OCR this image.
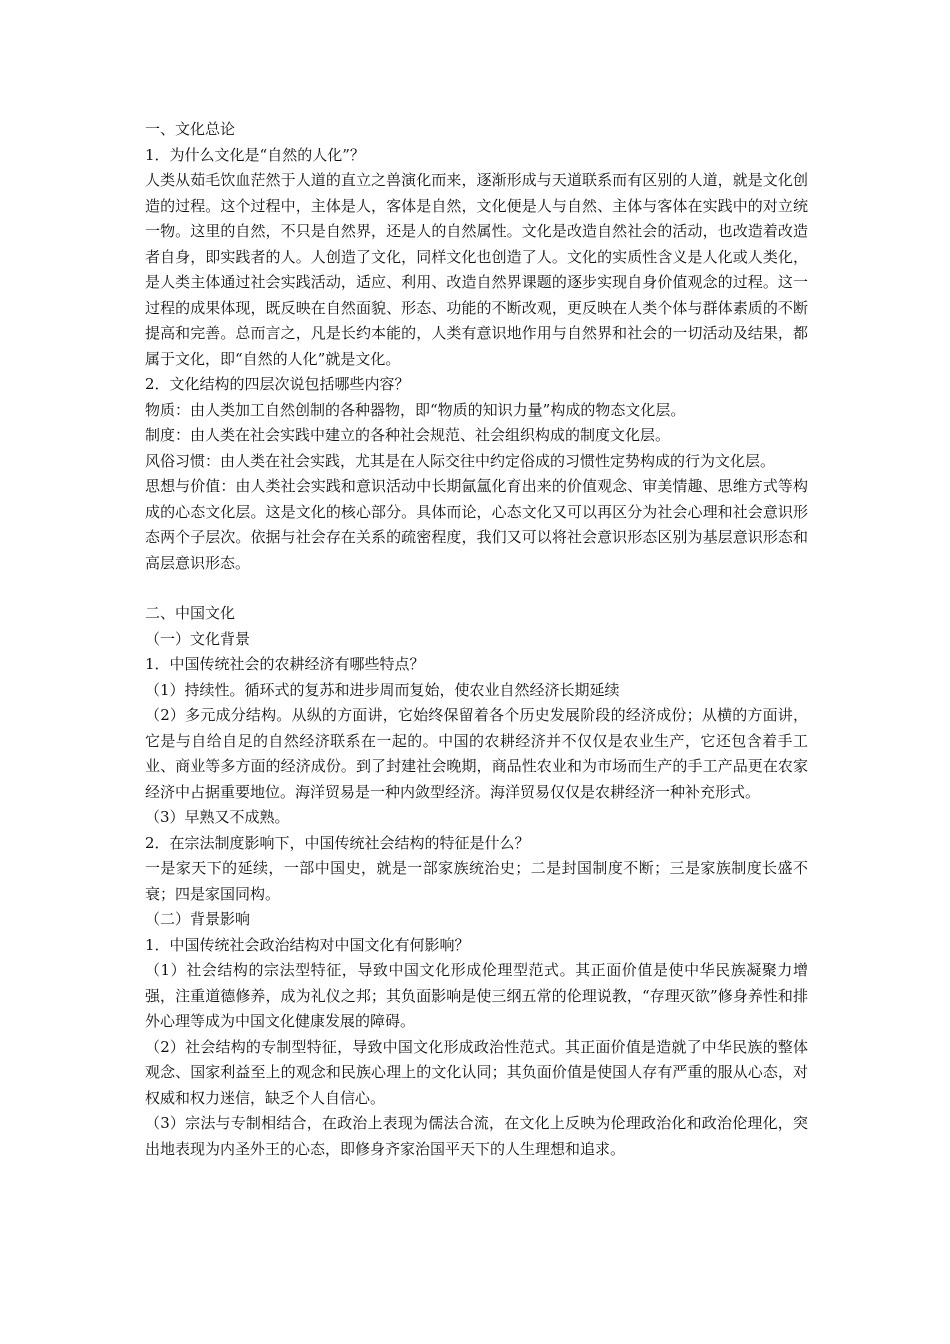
一、文化总论

1．为什么文化是“自然的人化”？

人类从茹毛饮血茫然于人道的直立之兽演化而来，逐渐形成与天道联系而有区别的人道，就是文化创造的过程。这个过程中，主体是人，客体是自然，文化便是人与自然、主体与客体在实践中的对立统一物。这里的自然，不只是自然界，还是人的自然属性。文化是改造自然社会的活动，也改造着改造者自身，即实践者的人。人创造了文化，同样文化也创造了人。文化的实质性含义是人化或人类化，是人类主体通过社会实践活动，适应、利用、改造自然界课题的逐步实现自身价值观念的过程。这一过程的成果体现，既反映在自然面貌、形态、功能的不断改观，更反映在人类个体与群体素质的不断提高和完善。总而言之，凡是长约本能的，人类有意识地作用与自然界和社会的一切活动及结果，都属于文化，即“自然的人化”就是文化。

2．文化结构的四层次说包括哪些内容？

物质：由人类加工自然创制的各种器物，即“物质的知识力量”构成的物态文化层。

制度：由人类在社会实践中建立的各种社会规范、社会组织构成的制度文化层。

风俗习惯：由人类在社会实践，尤其是在人际交往中约定俗成的习惯性定势构成的行为文化层。

思想与价值：由人类社会实践和意识活动中长期氤氲化育出来的价值观念、审美情趣、思维方式等构成的心态文化层。这是文化的核心部分。具体而论，心态文化又可以再区分为社会心理和社会意识形态两个子层次。依据与社会存在关系的疏密程度，我们又可以将社会意识形态区别为基层意识形态和高层意识形态。

二、中国文化

（一）文化背景

1．中国传统社会的农耕经济有哪些特点？

（1）持续性。循环式的复苏和进步周而复始，使农业自然经济长期延续

（2）多元成分结构。从纵的方面讲，它始终保留着各个历史发展阶段的经济成份；从横的方面讲，它是与自给自足的自然经济联系在一起的。中国的农耕经济并不仅仅是农业生产，它还包含着手工业、商业等多方面的经济成份。到了封建社会晚期，商品性农业和为市场而生产的手工产品更在农家经济中占据重要地位。海洋贸易是一种内敛型经济。海洋贸易仅仅是农耕经济一种补充形式。

（3）早熟又不成熟。

2．在宗法制度影响下，中国传统社会结构的特征是什么？

一是家天下的延续，一部中国史，就是一部家族统治史；二是封国制度不断；三是家族制度长盛不衰；四是家国同构。

（二）背景影响

1．中国传统社会政治结构对中国文化有何影响？

（1）社会结构的宗法型特征，导致中国文化形成伦理型范式。其正面价值是使中华民族凝聚力增强，注重道德修养，成为礼仪之邦；其负面影响是使三纲五常的伦理说教，“存理灭欲”修身养性和排外心理等成为中国文化健康发展的障碍。

（2）社会结构的专制型特征，导致中国文化形成政治性范式。其正面价值是造就了中华民族的整体观念、国家利益至上的观念和民族心理上的文化认同；其负面价值是使国人存有严重的服从心态，对权威和权力迷信，缺乏个人自信心。

（3）宗法与专制相结合，在政治上表现为儒法合流，在文化上反映为伦理政治化和政治伦理化，突出地表现为内圣外王的心态，即修身齐家治国平天下的人生理想和追求。
